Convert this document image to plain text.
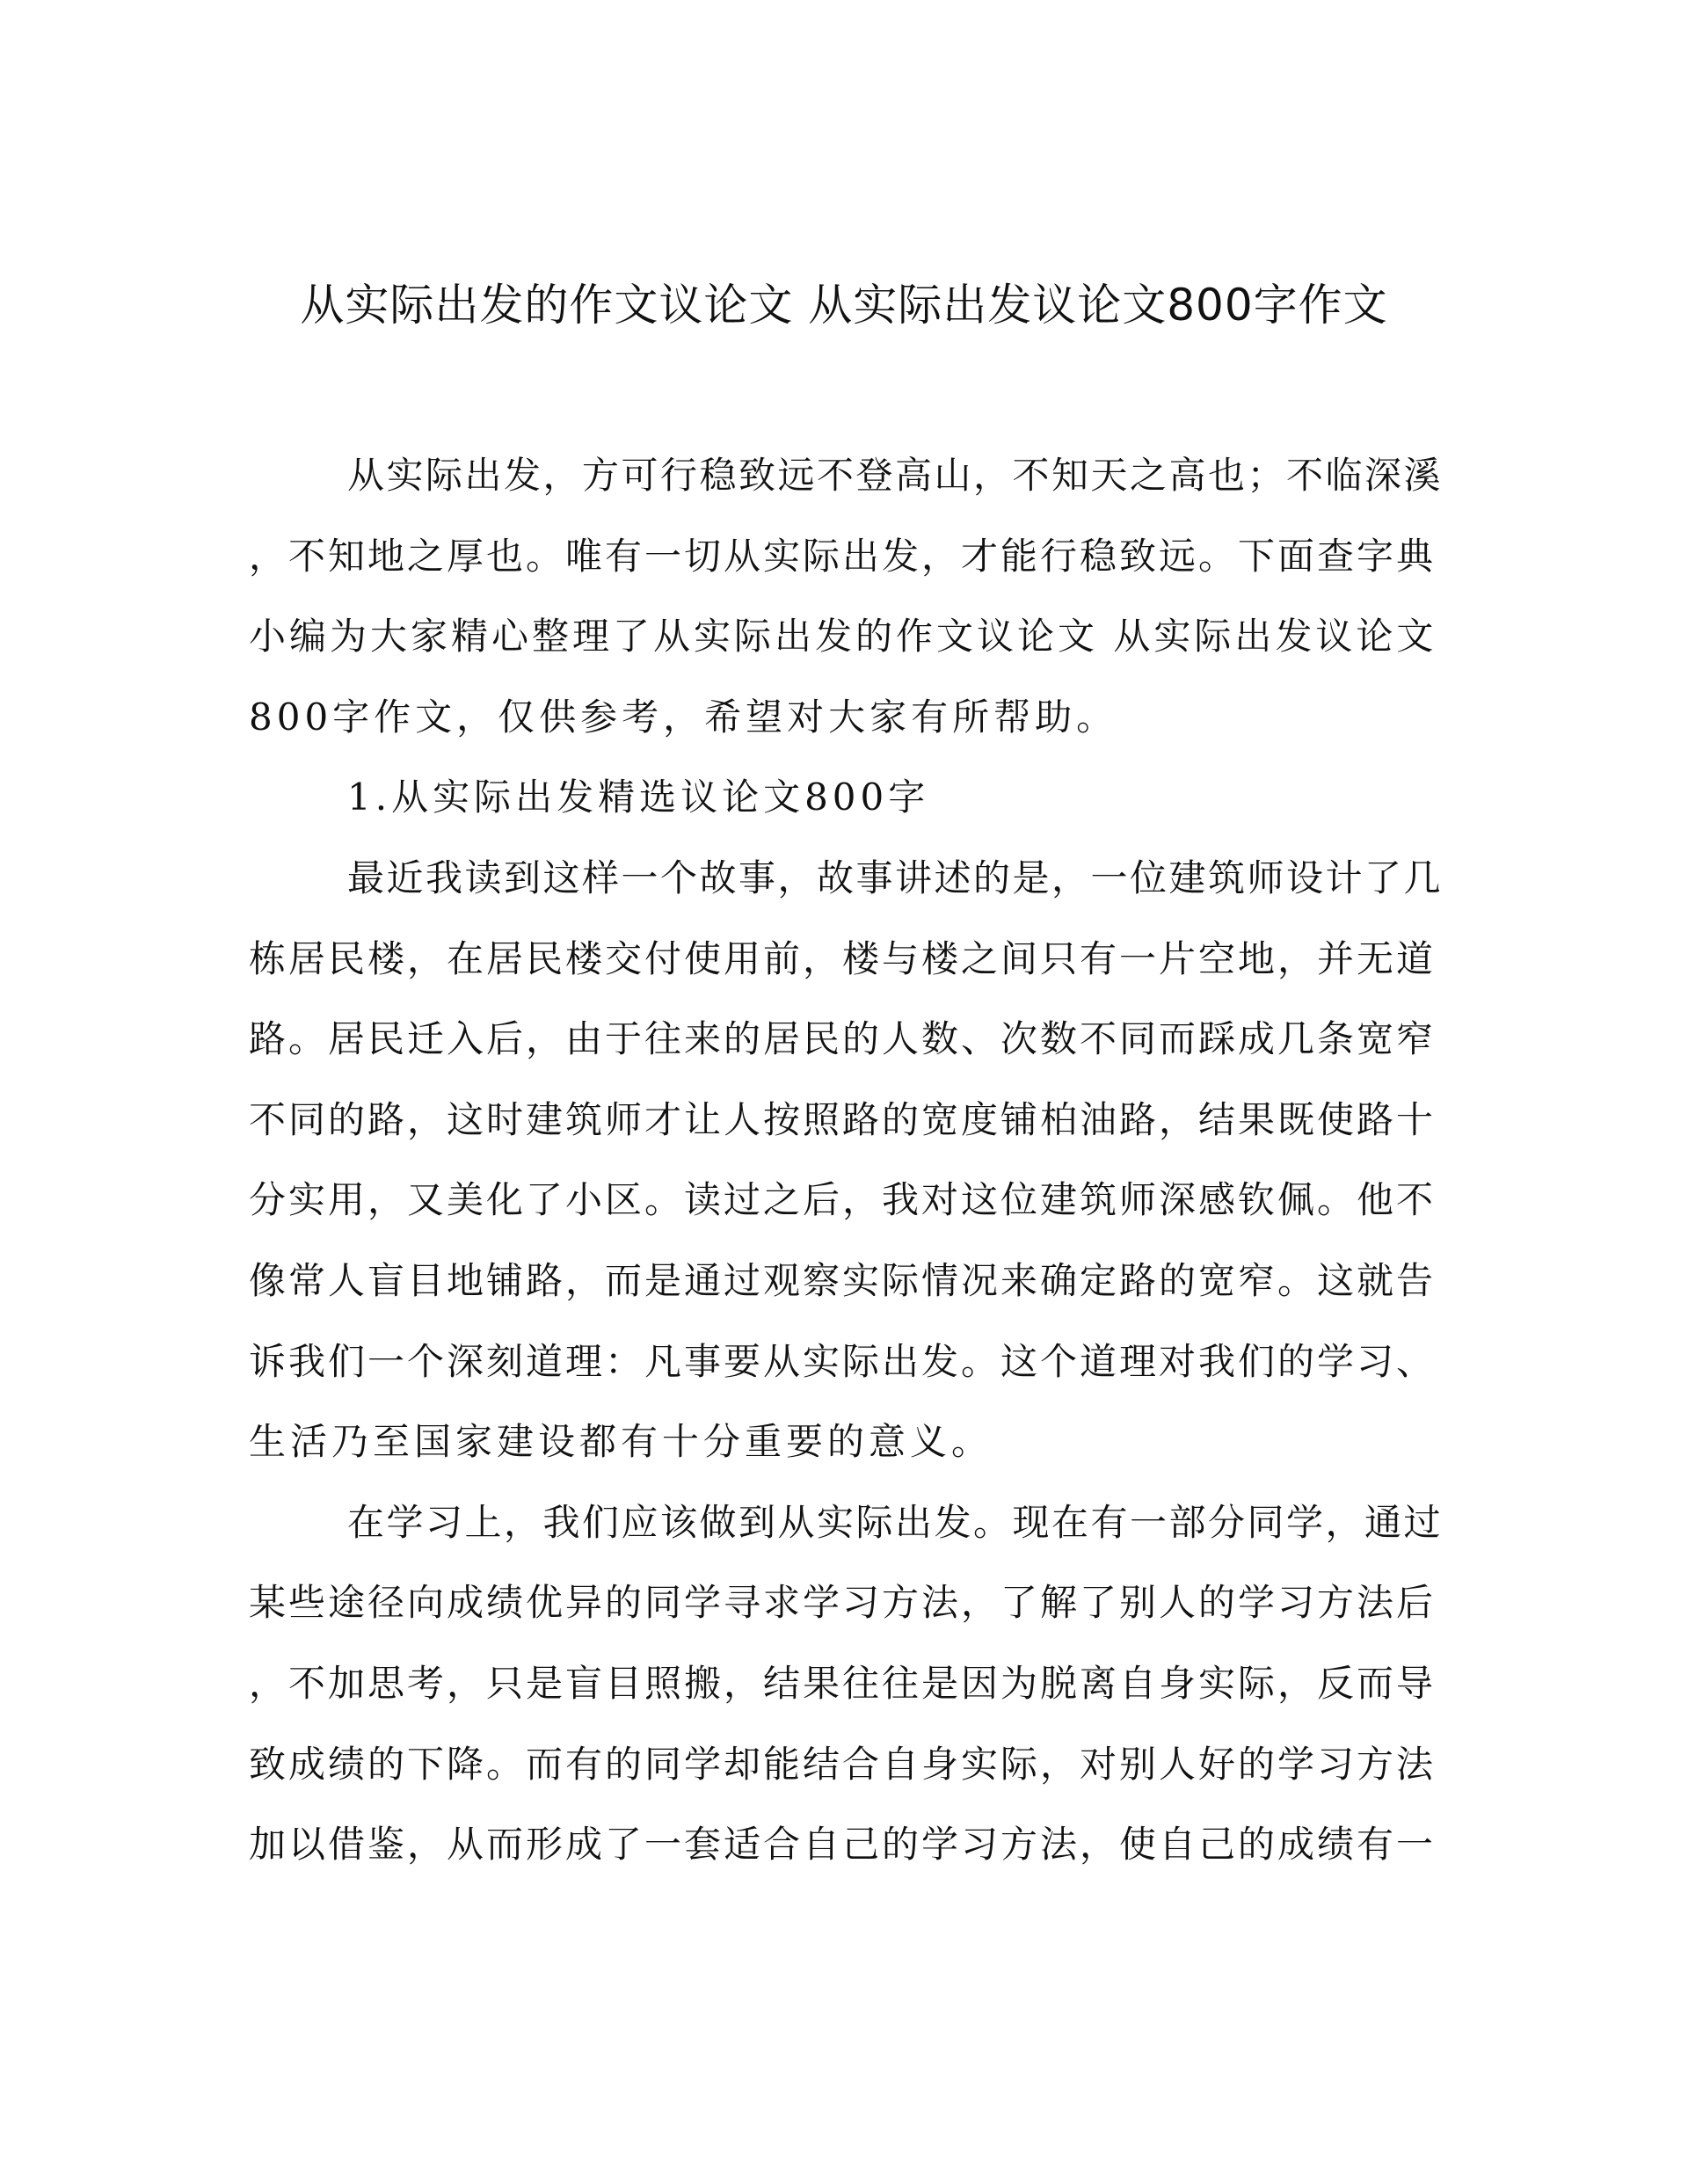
从实际出发的作文议论文 从实际出发议论文800字作文
从实际出发，方可行稳致远不登高山，不知天之高也；不临深溪
，不知地之厚也。唯有一切从实际出发，才能行稳致远。下面查字典
小编为大家精心整理了从实际出发的作文议论文 从实际出发议论文
800字作文，仅供参考，希望对大家有所帮助。
1.从实际出发精选议论文800字
最近我读到这样一个故事，故事讲述的是，一位建筑师设计了几
栋居民楼，在居民楼交付使用前，楼与楼之间只有一片空地，并无道
路。居民迁入后，由于往来的居民的人数、次数不同而踩成几条宽窄
不同的路，这时建筑师才让人按照路的宽度铺柏油路，结果既使路十
分实用，又美化了小区。读过之后，我对这位建筑师深感钦佩。他不
像常人盲目地铺路，而是通过观察实际情况来确定路的宽窄。这就告
诉我们一个深刻道理：凡事要从实际出发。这个道理对我们的学习、
生活乃至国家建设都有十分重要的意义。
在学习上，我们应该做到从实际出发。现在有一部分同学，通过
某些途径向成绩优异的同学寻求学习方法，了解了别人的学习方法后
，不加思考，只是盲目照搬，结果往往是因为脱离自身实际，反而导
致成绩的下降。而有的同学却能结合自身实际，对别人好的学习方法
加以借鉴，从而形成了一套适合自己的学习方法，使自己的成绩有一
